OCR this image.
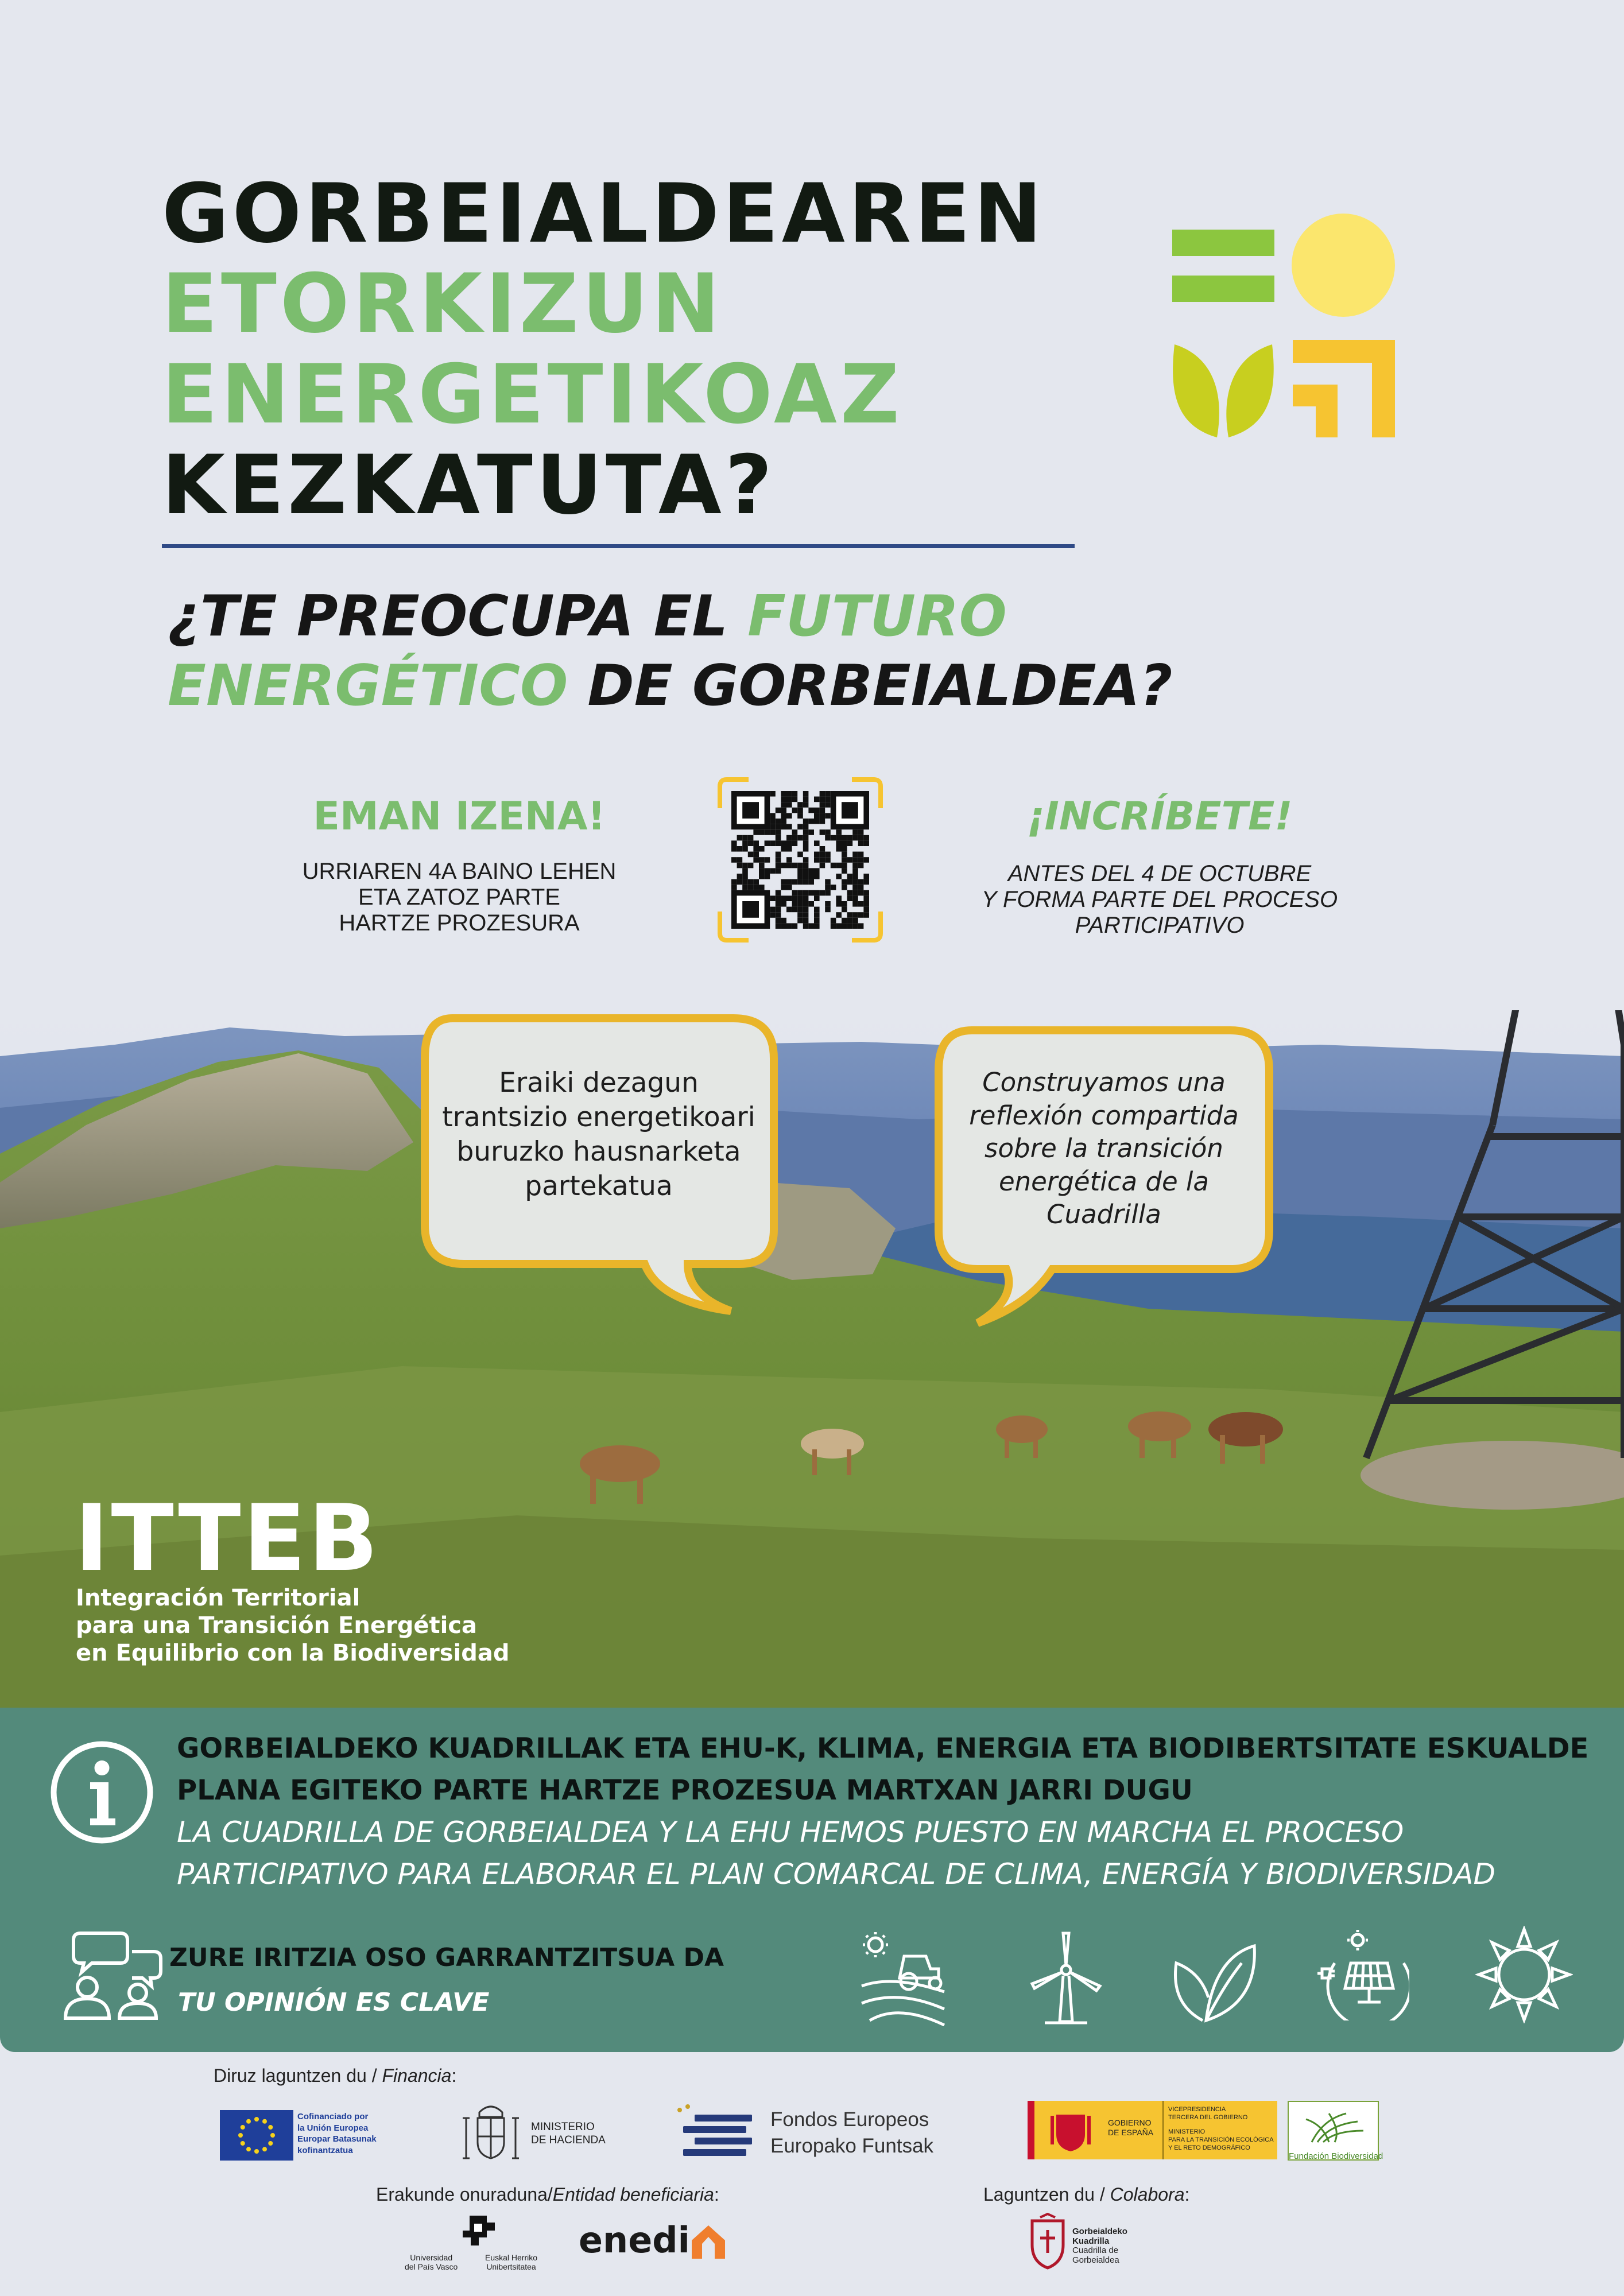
GORBEIALDEAREN
ETORKIZUN
ENERGETIKOAZ
KEZKATUTA?
¿TE PREOCUPA EL FUTURO
ENERGÉTICO DE GORBEIALDEA?
EMAN IZENA!
URRIAREN 4A BAINO LEHEN
ETA ZATOZ PARTE
HARTZE PROZESURA
¡INCRÍBETE!
ANTES DEL 4 DE OCTUBRE
Y FORMA PARTE DEL PROCESO
PARTICIPATIVO
Eraiki dezagun
trantsizio energetikoari
buruzko hausnarketa
partekatua
Construyamos una
reflexión compartida
sobre la transición
energética de la
Cuadrilla
ITTEB
Integración Territorial
para una Transición Energética
en Equilibrio con la Biodiversidad
GORBEIALDEKO KUADRILLAK ETA EHU-K, KLIMA, ENERGIA ETA BIODIBERTSITATE ESKUALDE
PLANA EGITEKO PARTE HARTZE PROZESUA MARTXAN JARRI DUGU
LA CUADRILLA DE GORBEIALDEA Y LA EHU HEMOS PUESTO EN MARCHA EL PROCESO
PARTICIPATIVO PARA ELABORAR EL PLAN COMARCAL DE CLIMA, ENERGÍA Y BIODIVERSIDAD
ZURE IRITZIA OSO GARRANTZITSUA DA
TU OPINIÓN ES CLAVE
Diruz laguntzen du / Financia:
Cofinanciado por
la Unión Europea
Europar Batasunak
kofinantzatua
MINISTERIO
DE HACIENDA
Fondos Europeos
Europako Funtsak
GOBIERNO
DE ESPAÑA
VICEPRESIDENCIA
TERCERA DEL GOBIERNO
MINISTERIO
PARA LA TRANSICIÓN ECOLÓGICA
Y EL RETO DEMOGRÁFICO
Fundación Biodiversidad
Erakunde onuraduna/Entidad beneficiaria:	Laguntzen du / Colabora:
Universidad
del País Vasco
Euskal Herriko
Unibertsitatea
enedi	Gorbeialdeko
Kuadrilla
Cuadrilla de
Gorbeialdea
